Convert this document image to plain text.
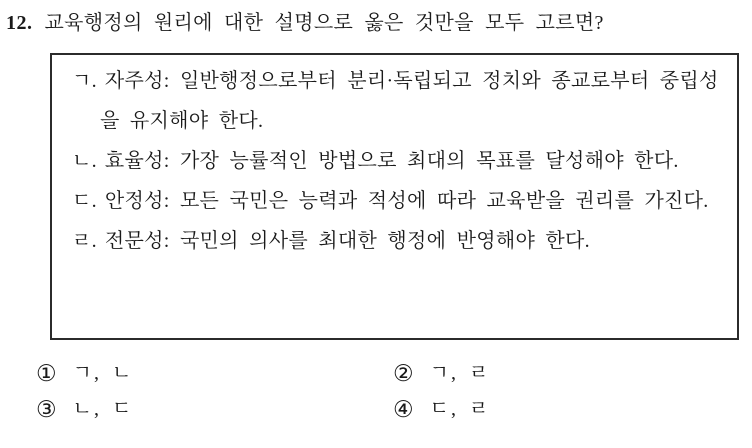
12. 교육행정의 원리에 대한 설명으로 옳은 것만을 모두 고르면?
ㄱ. 자주성: 일반행정으로부터 분리·독립되고 정치와 종교로부터 중립성을 유지해야 한다.
ㄴ. 효율성: 가장 능률적인 방법으로 최대의 목표를 달성해야 한다.
ㄷ. 안정성: 모든 국민은 능력과 적성에 따라 교육받을 권리를 가진다.
ㄹ. 전문성: 국민의 의사를 최대한 행정에 반영해야 한다.
① ㄱ, ㄴ	② ㄱ, ㄹ
③ ㄴ, ㄷ	④ ㄷ, ㄹ
